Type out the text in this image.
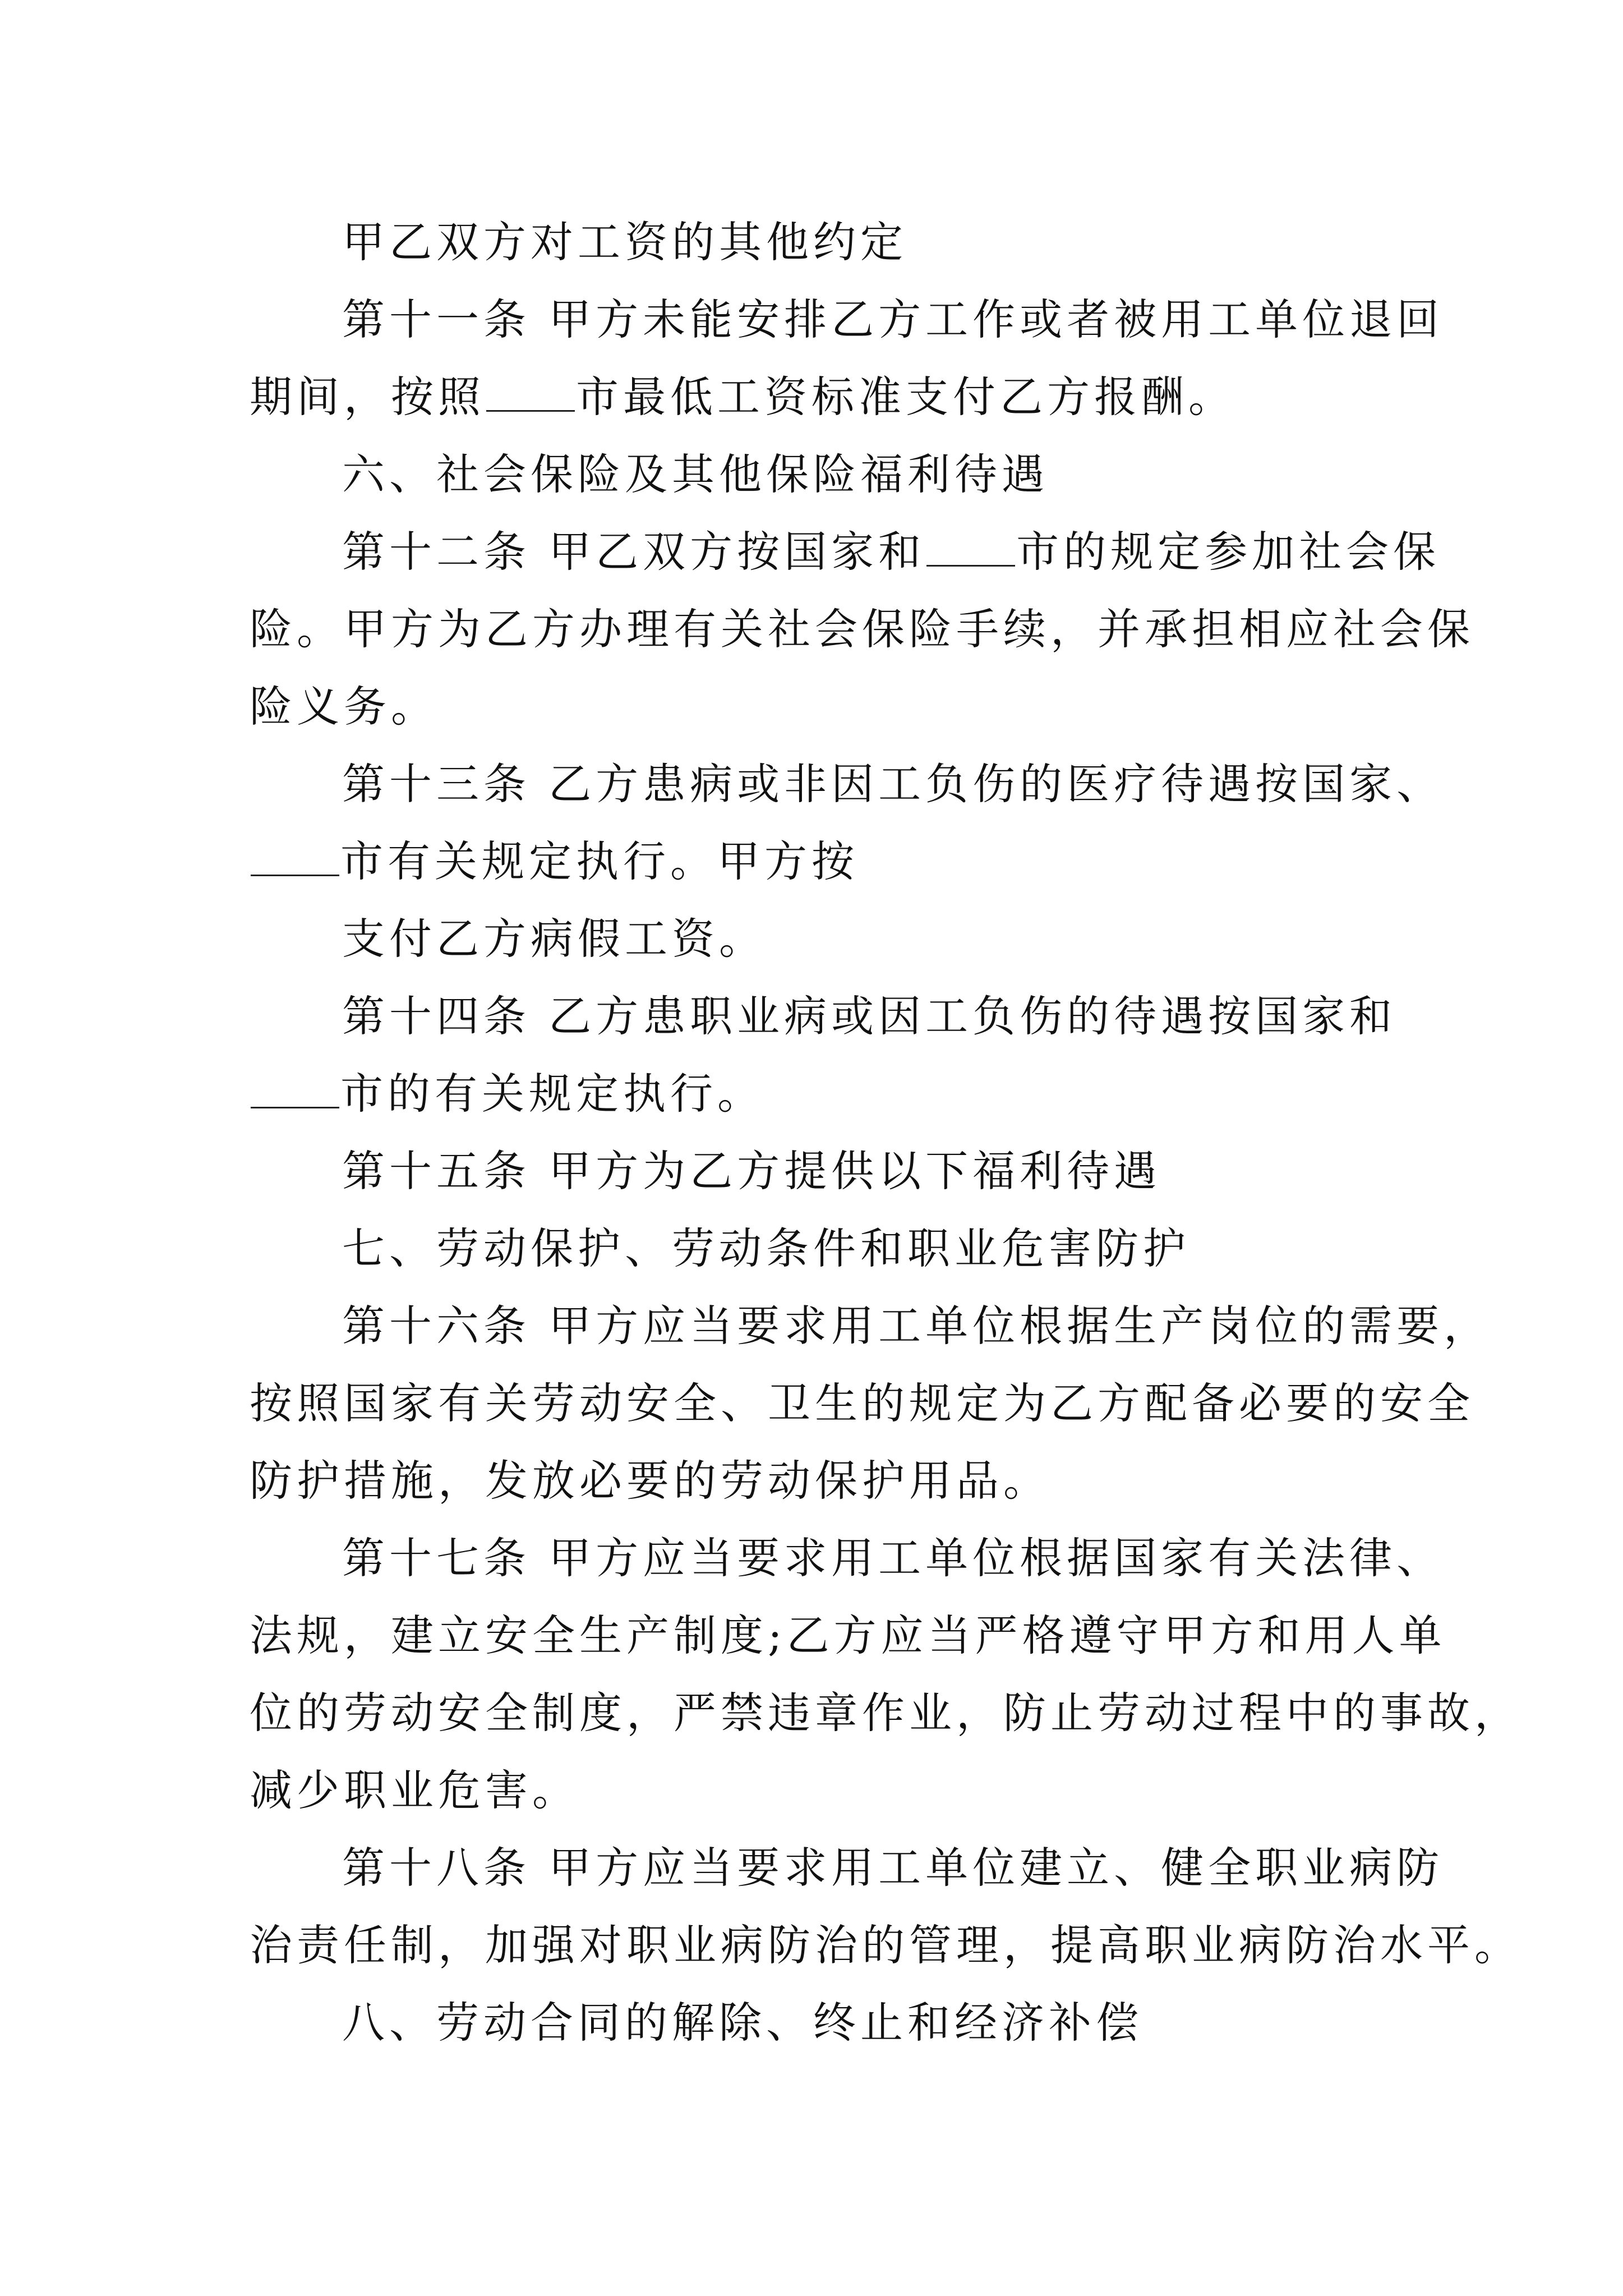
甲乙双方对工资的其他约定
第十一条 甲方未能安排乙方工作或者被用工单位退回
期间，按照 市最低工资标准支付乙方报酬。
六、社会保险及其他保险福利待遇
第十二条 甲乙双方按国家和 市的规定参加社会保
险。甲方为乙方办理有关社会保险手续，并承担相应社会保
险义务。
第十三条 乙方患病或非因工负伤的医疗待遇按国家、
市有关规定执行。甲方按
支付乙方病假工资。
第十四条 乙方患职业病或因工负伤的待遇按国家和
市的有关规定执行。
第十五条 甲方为乙方提供以下福利待遇
七、劳动保护、劳动条件和职业危害防护
第十六条 甲方应当要求用工单位根据生产岗位的需要，
按照国家有关劳动安全、卫生的规定为乙方配备必要的安全
防护措施，发放必要的劳动保护用品。
第十七条 甲方应当要求用工单位根据国家有关法律、
法规，建立安全生产制度;乙方应当严格遵守甲方和用人单
位的劳动安全制度，严禁违章作业，防止劳动过程中的事故，
减少职业危害。
第十八条 甲方应当要求用工单位建立、健全职业病防
治责任制，加强对职业病防治的管理，提高职业病防治水平。
八、劳动合同的解除、终止和经济补偿
